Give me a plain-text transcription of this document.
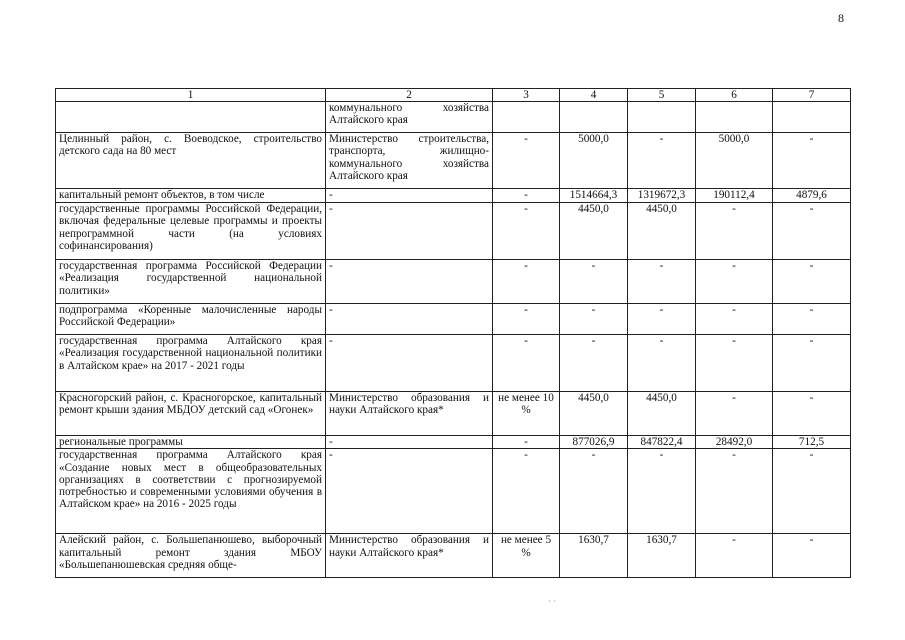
8
1	2	3	4	5	6	7
	коммунального хозяйства Алтайского края					
Целинный район, с. Воеводское, строительство детского сада на 80 мест	Министерство строительства, транспорта, жилищно-коммунального хозяйства Алтайского края	-	5000,0	-	5000,0	-
капитальный ремонт объектов, в том числе	-	-	1514664,3	1319672,3	190112,4	4879,6
государственные программы Российской Федерации, включая федеральные целевые программы и проекты непрограммной части (на условиях софинансирования)	-	-	4450,0	4450,0	-	-
государственная программа Российской Федерации «Реализация государственной национальной политики»	-	-	-	-	-	-
подпрограмма «Коренные малочисленные народы Российской Федерации»	-	-	-	-	-	-
государственная программа Алтайского края «Реализация государственной национальной политики в Алтайском крае» на 2017 - 2021 годы	-	-	-	-	-	-
Красногорский район, с. Красногорское, капитальный ремонт крыши здания МБДОУ детский сад «Огонек»	Министерство образования и науки Алтайского края*	не менее 10 %	4450,0	4450,0	-	-
региональные программы	-	-	877026,9	847822,4	28492,0	712,5
государственная программа Алтайского края «Создание новых мест в общеобразовательных организациях в соответствии с прогнозируемой потребностью и современными условиями обучения в Алтайском крае» на 2016 - 2025 годы	-	-	-	-	-	-
Алейский район, с. Большепанюшево, выборочный капитальный ремонт здания МБОУ «Большепанюшевская средняя обще-	Министерство образования и науки Алтайского края*	не менее 5 %	1630,7	1630,7	-	-
· ·
